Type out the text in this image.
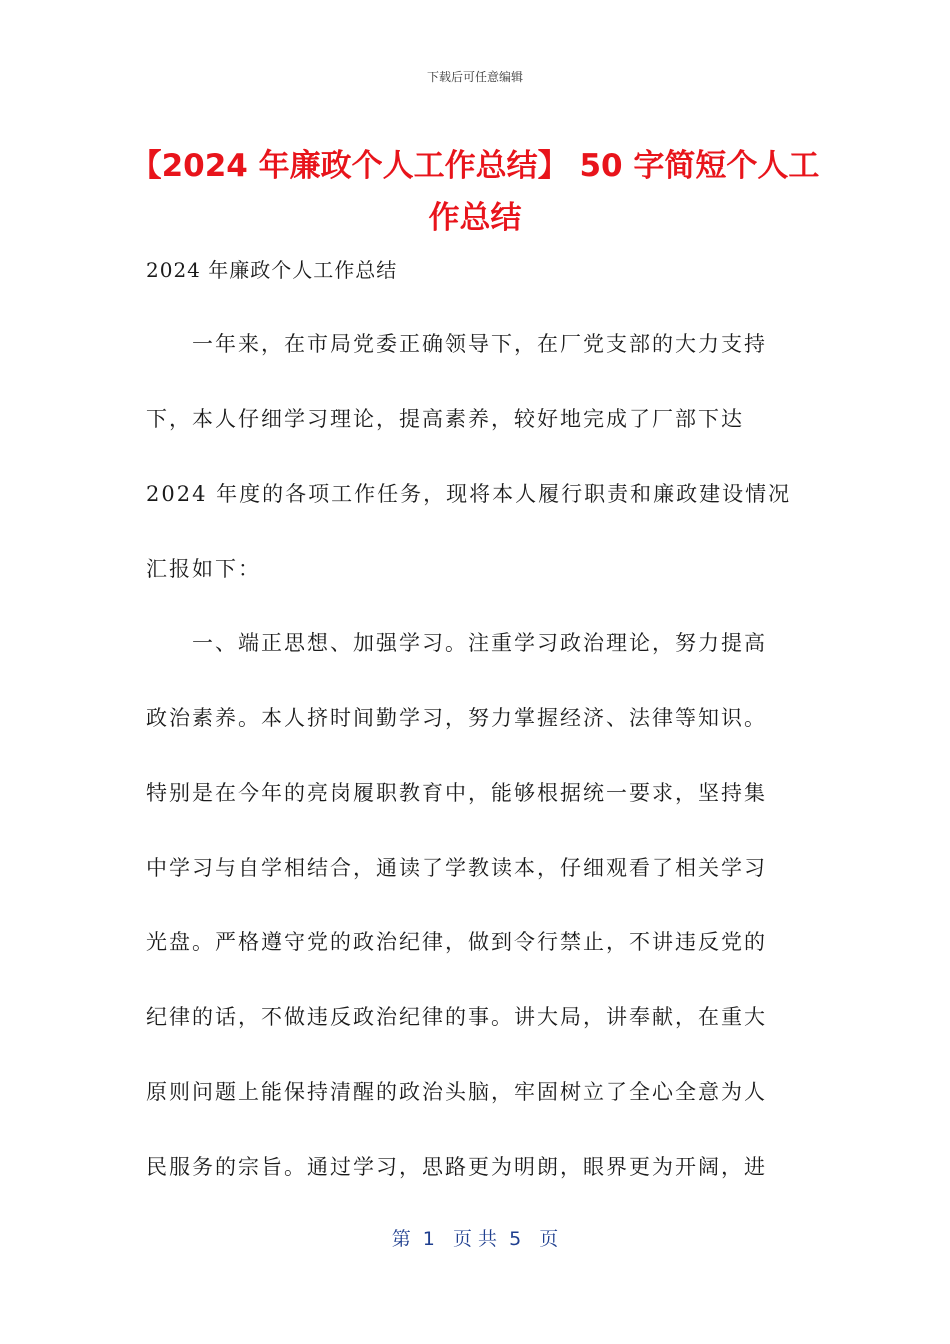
下载后可任意编辑
【2024 年廉政个人工作总结】 50 字简短个人工作总结
2024 年廉政个人工作总结
　　一年来，在市局党委正确领导下，在厂党支部的大力支持
下，本人仔细学习理论，提高素养，较好地完成了厂部下达
2024 年度的各项工作任务，现将本人履行职责和廉政建设情况
汇报如下：
　　一、端正思想、加强学习。注重学习政治理论，努力提高
政治素养。本人挤时间勤学习，努力掌握经济、法律等知识。
特别是在今年的亮岗履职教育中，能够根据统一要求，坚持集
中学习与自学相结合，通读了学教读本，仔细观看了相关学习
光盘。严格遵守党的政治纪律，做到令行禁止，不讲违反党的
纪律的话，不做违反政治纪律的事。讲大局，讲奉献，在重大
原则问题上能保持清醒的政治头脑，牢固树立了全心全意为人
民服务的宗旨。通过学习，思路更为明朗，眼界更为开阔，进
第  1   页 共  5   页
